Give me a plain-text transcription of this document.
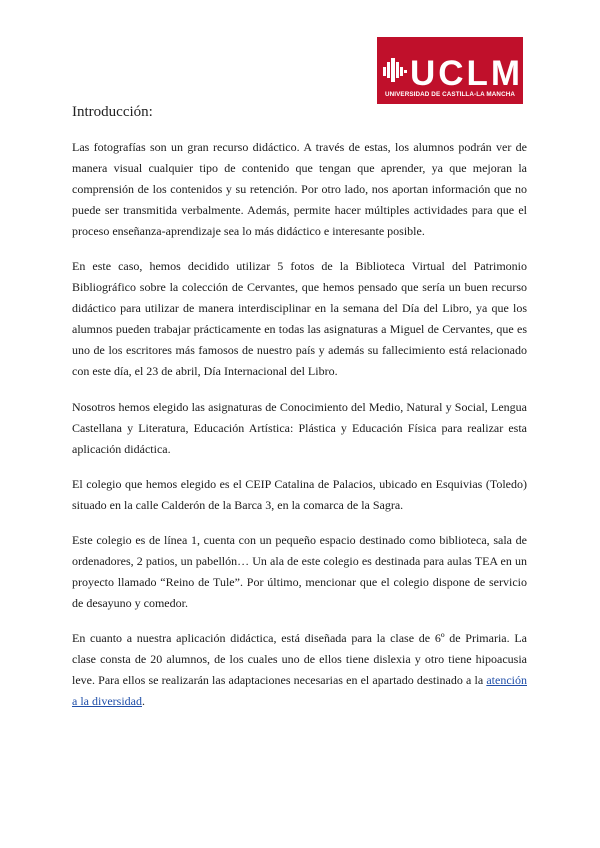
UCLM
UNIVERSIDAD DE CASTILLA-LA MANCHA
Introducción:

Las fotografías son un gran recurso didáctico. A través de estas, los alumnos podrán ver de manera visual cualquier tipo de contenido que tengan que aprender, ya que mejoran la comprensión de los contenidos y su retención. Por otro lado, nos aportan información que no puede ser transmitida verbalmente. Además, permite hacer múltiples actividades para que el proceso enseñanza-aprendizaje sea lo más didáctico e interesante posible.

En este caso, hemos decidido utilizar 5 fotos de la Biblioteca Virtual del Patrimonio Bibliográfico sobre la colección de Cervantes, que hemos pensado que sería un buen recurso didáctico para utilizar de manera interdisciplinar en la semana del Día del Libro, ya que los alumnos pueden trabajar prácticamente en todas las asignaturas a Miguel de Cervantes, que es uno de los escritores más famosos de nuestro país y además su fallecimiento está relacionado con este día, el 23 de abril, Día Internacional del Libro.

Nosotros hemos elegido las asignaturas de Conocimiento del Medio, Natural y Social, Lengua Castellana y Literatura, Educación Artística: Plástica y Educación Física para realizar esta aplicación didáctica.

El colegio que hemos elegido es el CEIP Catalina de Palacios, ubicado en Esquivias (Toledo) situado en la calle Calderón de la Barca 3, en la comarca de la Sagra.

Este colegio es de línea 1, cuenta con un pequeño espacio destinado como biblioteca, sala de ordenadores, 2 patios, un pabellón… Un ala de este colegio es destinada para aulas TEA en un proyecto llamado “Reino de Tule”. Por último, mencionar que el colegio dispone de servicio de desayuno y comedor.

En cuanto a nuestra aplicación didáctica, está diseñada para la clase de 6º de Primaria. La clase consta de 20 alumnos, de los cuales uno de ellos tiene dislexia y otro tiene hipoacusia leve. Para ellos se realizarán las adaptaciones necesarias en el apartado destinado a la atención a la diversidad.
